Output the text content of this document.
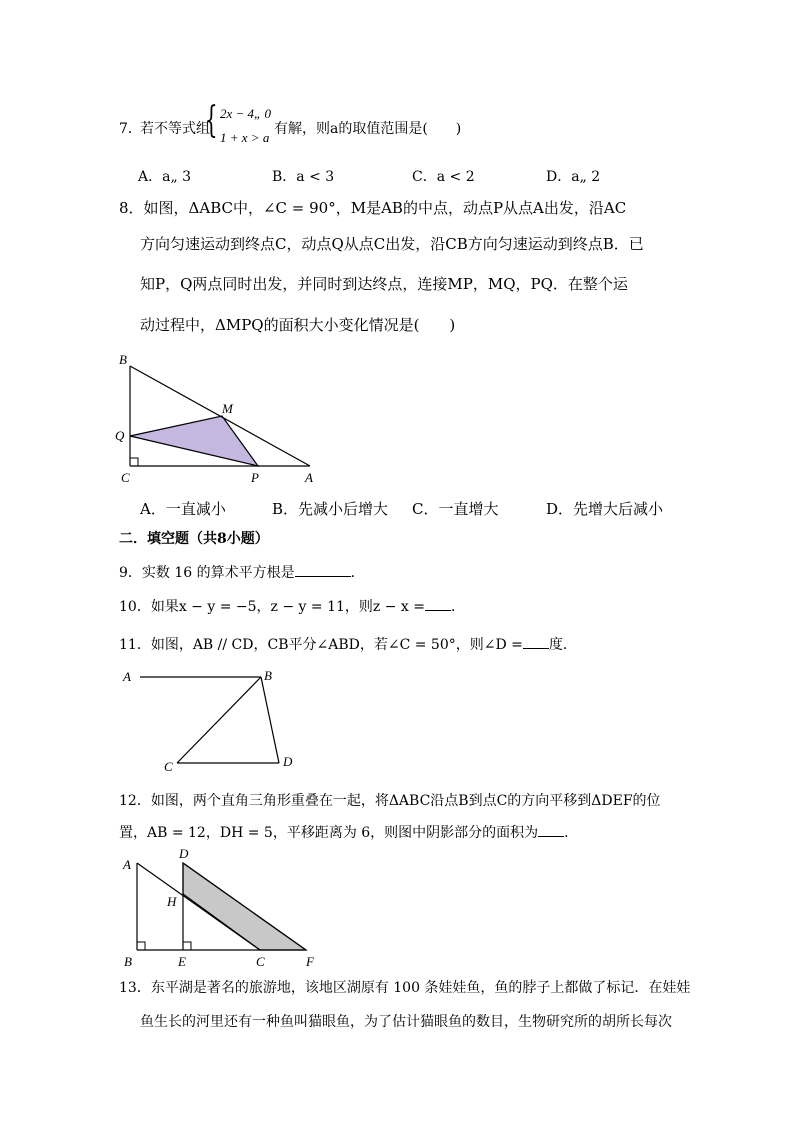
7．
若不等式组
{ 2x − 4„ 0
1 + x > a
有解，则a的取值范围是(　　)
A．a„ 3	B．a < 3	C．a < 2	D．a„ 2
8．如图，ΔABC中，∠C = 90°，M是AB的中点，动点P从点A出发，沿AC
方向匀速运动到终点C，动点Q从点C出发，沿CB方向匀速运动到终点B．已
知P，Q两点同时出发，并同时到达终点，连接MP，MQ，PQ．在整个运
动过程中，ΔMPQ的面积大小变化情况是(　　)
B
M
Q
C	P	A
A．一直减小	B．先减小后增大 C．一直增大	D．先增大后减小
二．填空题（共8小题）
9．实数 16 的算术平方根是	．
10．如果x − y = −5，z − y = 11，则z − x = ．
11．如图，AB // CD，CB平分∠ABD，若∠C = 50°，则∠D = 度．
A	B
C	D
12．如图，两个直角三角形重叠在一起，将ΔABC沿点B到点C的方向平移到ΔDEF的位
置，AB = 12，DH = 5，平移距离为 6，则图中阴影部分的面积为 ．
A
D
H
B	E	C	F
13．东平湖是著名的旅游地，该地区湖原有 100 条娃娃鱼，鱼的脖子上都做了标记．在娃娃
鱼生长的河里还有一种鱼叫猫眼鱼，为了估计猫眼鱼的数目，生物研究所的胡所长每次
